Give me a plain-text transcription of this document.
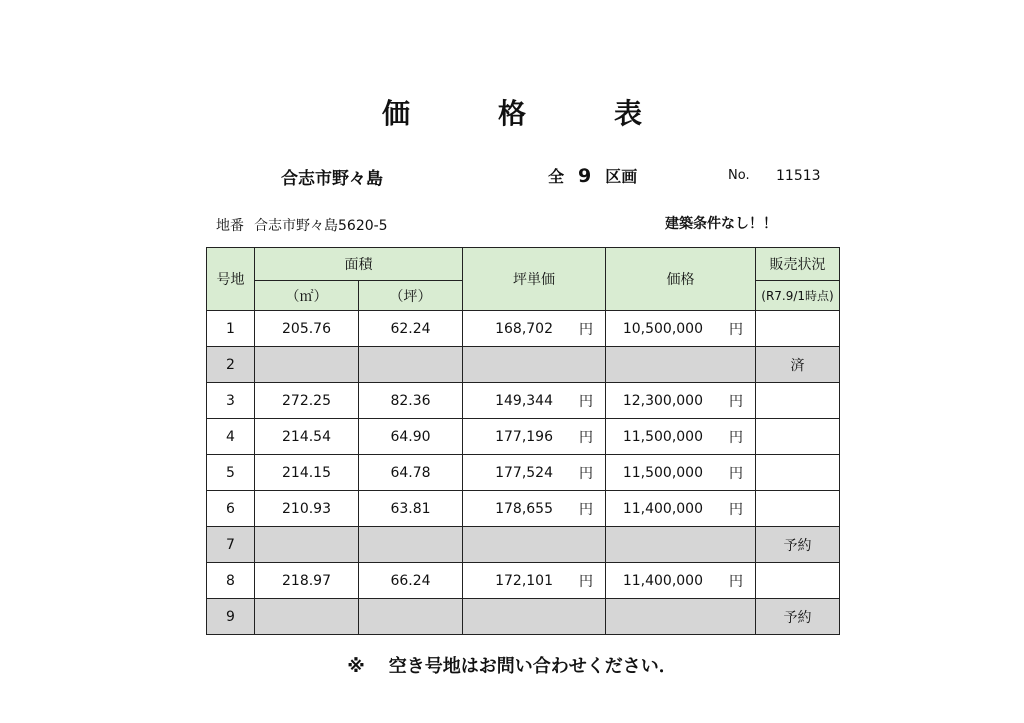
価　格　表
合志市野々島	全 9 区画	No. 11513
地番 合志市野々島5620-5	建築条件なし！！
号地	面積		坪単価	価格	販売状況
	（㎡）	（坪）			(R7.9/1時点)
1	205.76	62.24	168,702 円	10,500,000 円	

2					済
3	272.25	82.36	149,344 円	12,300,000 円	

4	214.54	64.90	177,196 円	11,500,000 円	

5	214.15	64.78	177,524 円	11,500,000 円	

6	210.93	63.81	178,655 円	11,400,000 円	

7					予約
8	218.97	66.24	172,101 円	11,400,000 円	

9					予約
※ 空き号地はお問い合わせください．
